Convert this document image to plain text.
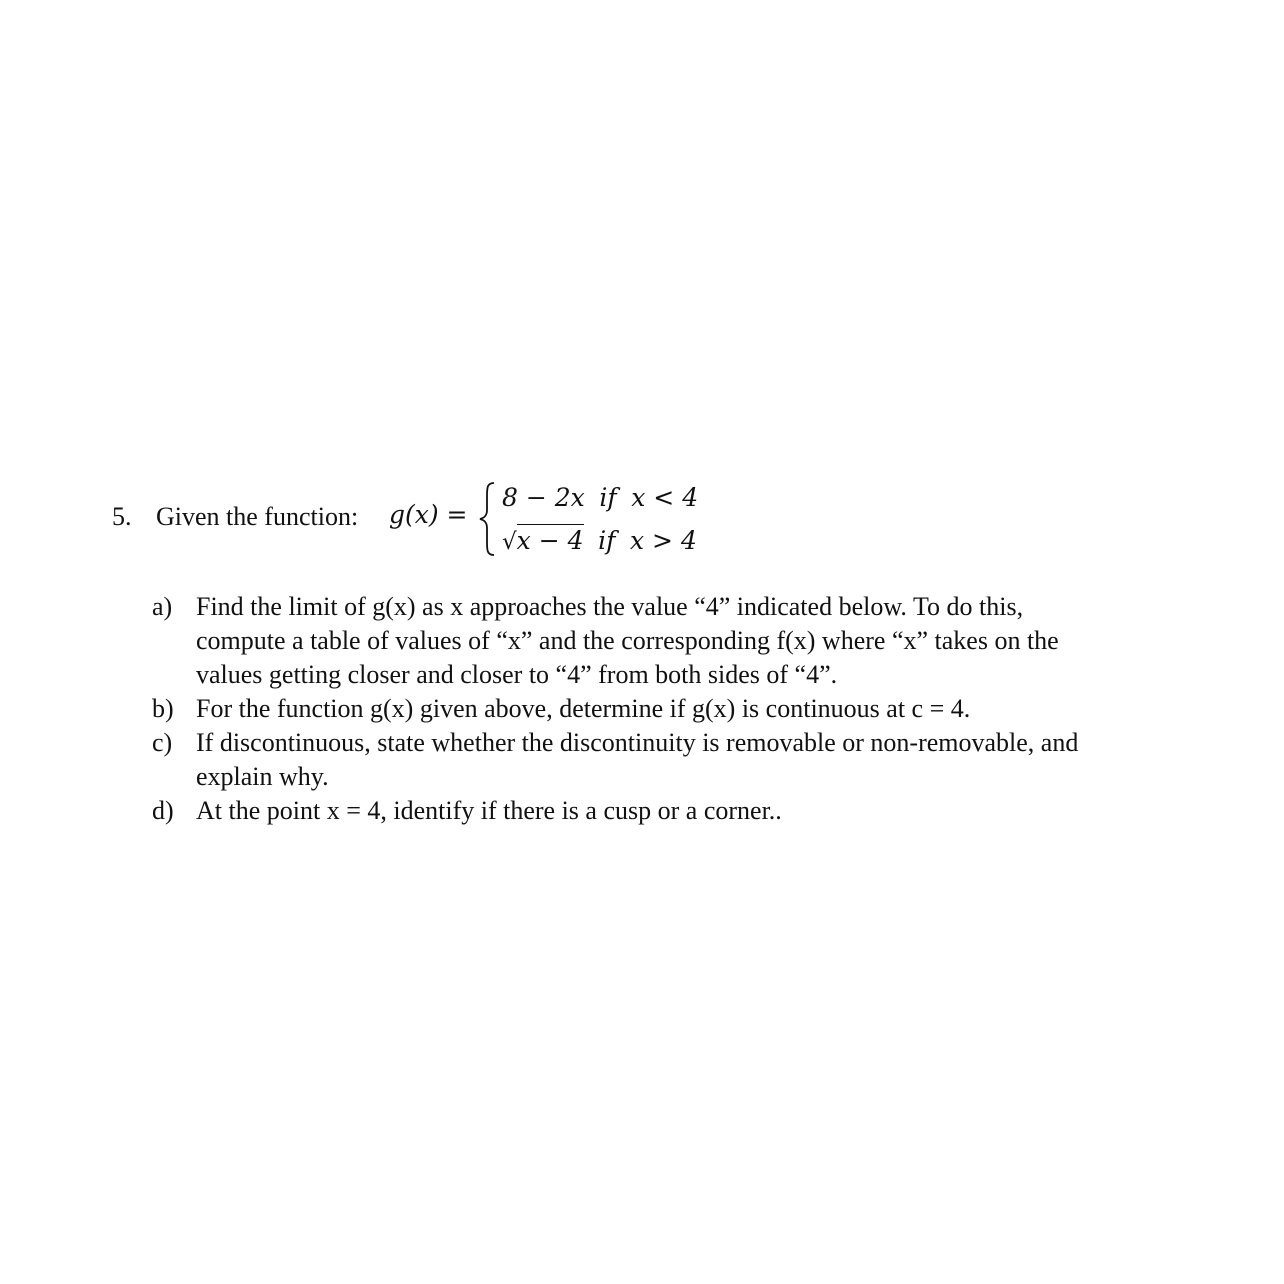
5. Given the function: g(x) =
8 − 2x if x < 4
√x − 4 if x > 4
a) Find the limit of g(x) as x approaches the value “4” indicated below. To do this,
compute a table of values of “x” and the corresponding f(x) where “x” takes on the
values getting closer and closer to “4” from both sides of “4”.
b) For the function g(x) given above, determine if g(x) is continuous at c = 4.
c) If discontinuous, state whether the discontinuity is removable or non-removable, and
explain why.
d) At the point x = 4, identify if there is a cusp or a corner..
